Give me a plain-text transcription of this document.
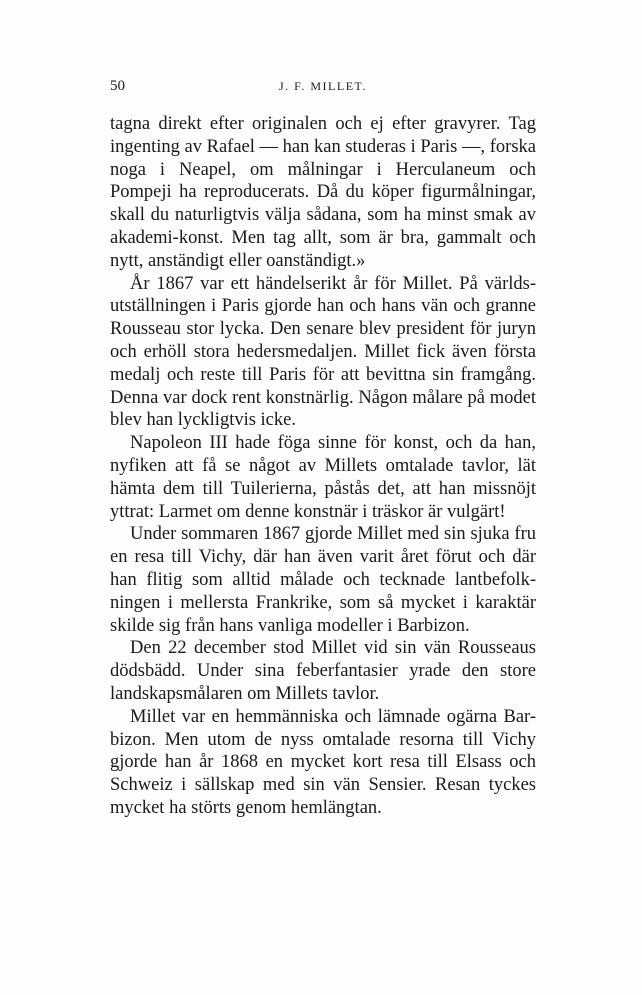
50	J. F. MILLET.

tagna direkt efter originalen och ej efter gravyrer. Tag ingenting av Rafael — han kan studeras i Paris —, forska noga i Neapel, om målningar i Herculaneum och Pompeji ha reproducerats. Då du köper figurmålningar, skall du naturligtvis välja sådana, som ha minst smak av akademi-konst. Men tag allt, som är bra, gammalt och nytt, anständigt eller oanständigt.»

År 1867 var ett händelserikt år för Millet. På världs-utställningen i Paris gjorde han och hans vän och granne Rousseau stor lycka. Den senare blev president för juryn och erhöll stora hedersmedaljen. Millet fick även första medalj och reste till Paris för att bevittna sin framgång. Denna var dock rent konstnärlig. Någon målare på modet blev han lyckligtvis icke.

Napoleon III hade föga sinne för konst, och da han, nyfiken att få se något av Millets omtalade tavlor, lät hämta dem till Tuilerierna, påstås det, att han missnöjt yttrat: Larmet om denne konstnär i träskor är vulgärt!

Under sommaren 1867 gjorde Millet med sin sjuka fru en resa till Vichy, där han även varit året förut och där han flitig som alltid målade och tecknade lantbefolk-ningen i mellersta Frankrike, som så mycket i karaktär skilde sig från hans vanliga modeller i Barbizon.

Den 22 december stod Millet vid sin vän Rousseaus dödsbädd. Under sina feberfantasier yrade den store landskapsmålaren om Millets tavlor.

Millet var en hemmänniska och lämnade ogärna Bar-bizon. Men utom de nyss omtalade resorna till Vichy gjorde han år 1868 en mycket kort resa till Elsass och Schweiz i sällskap med sin vän Sensier. Resan tyckes mycket ha störts genom hemlängtan.
